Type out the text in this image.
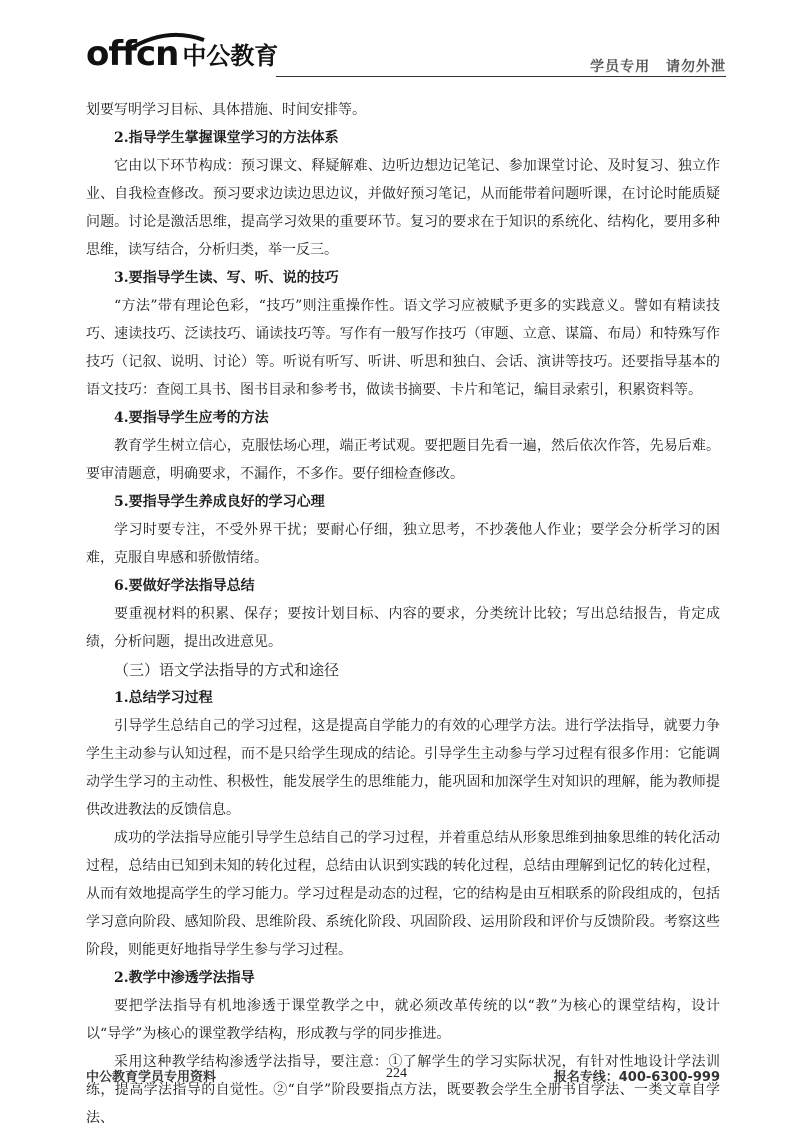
offcn 中公教育	学员专用 请勿外泄

划要写明学习目标、具体措施、时间安排等。

2.指导学生掌握课堂学习的方法体系

它由以下环节构成：预习课文、释疑解难、边听边想边记笔记、参加课堂讨论、及时复习、独立作业、自我检查修改。预习要求边读边思边议，并做好预习笔记，从而能带着问题听课，在讨论时能质疑问题。讨论是激活思维，提高学习效果的重要环节。复习的要求在于知识的系统化、结构化，要用多种思维，读写结合，分析归类，举一反三。

3.要指导学生读、写、听、说的技巧

“方法”带有理论色彩，“技巧”则注重操作性。语文学习应被赋予更多的实践意义。譬如有精读技巧、速读技巧、泛读技巧、诵读技巧等。写作有一般写作技巧（审题、立意、谋篇、布局）和特殊写作技巧（记叙、说明、讨论）等。听说有听写、听讲、听思和独白、会话、演讲等技巧。还要指导基本的语文技巧：查阅工具书、图书目录和参考书，做读书摘要、卡片和笔记，编目录索引，积累资料等。

4.要指导学生应考的方法

教育学生树立信心，克服怯场心理，端正考试观。要把题目先看一遍，然后依次作答，先易后难。要审清题意，明确要求，不漏作，不多作。要仔细检查修改。

5.要指导学生养成良好的学习心理

学习时要专注，不受外界干扰；要耐心仔细，独立思考，不抄袭他人作业；要学会分析学习的困难，克服自卑感和骄傲情绪。

6.要做好学法指导总结

要重视材料的积累、保存；要按计划目标、内容的要求，分类统计比较；写出总结报告，肯定成绩，分析问题，提出改进意见。

（三）语文学法指导的方式和途径

1.总结学习过程

引导学生总结自己的学习过程，这是提高自学能力的有效的心理学方法。进行学法指导，就要力争学生主动参与认知过程，而不是只给学生现成的结论。引导学生主动参与学习过程有很多作用：它能调动学生学习的主动性、积极性，能发展学生的思维能力，能巩固和加深学生对知识的理解，能为教师提供改进教法的反馈信息。

成功的学法指导应能引导学生总结自己的学习过程，并着重总结从形象思维到抽象思维的转化活动过程，总结由已知到未知的转化过程，总结由认识到实践的转化过程，总结由理解到记忆的转化过程，从而有效地提高学生的学习能力。学习过程是动态的过程，它的结构是由互相联系的阶段组成的，包括学习意向阶段、感知阶段、思维阶段、系统化阶段、巩固阶段、运用阶段和评价与反馈阶段。考察这些阶段，则能更好地指导学生参与学习过程。

2.教学中渗透学法指导

要把学法指导有机地渗透于课堂教学之中，就必须改革传统的以“教”为核心的课堂结构，设计以“导学”为核心的课堂教学结构，形成教与学的同步推进。

采用这种教学结构渗透学法指导，要注意：①了解学生的学习实际状况，有针对性地设计学法训练，提高学法指导的自觉性。②“自学”阶段要指点方法，既要教会学生全册书自学法、一类文章自学法、

中公教育学员专用资料	224	报名专线：400-6300-999
